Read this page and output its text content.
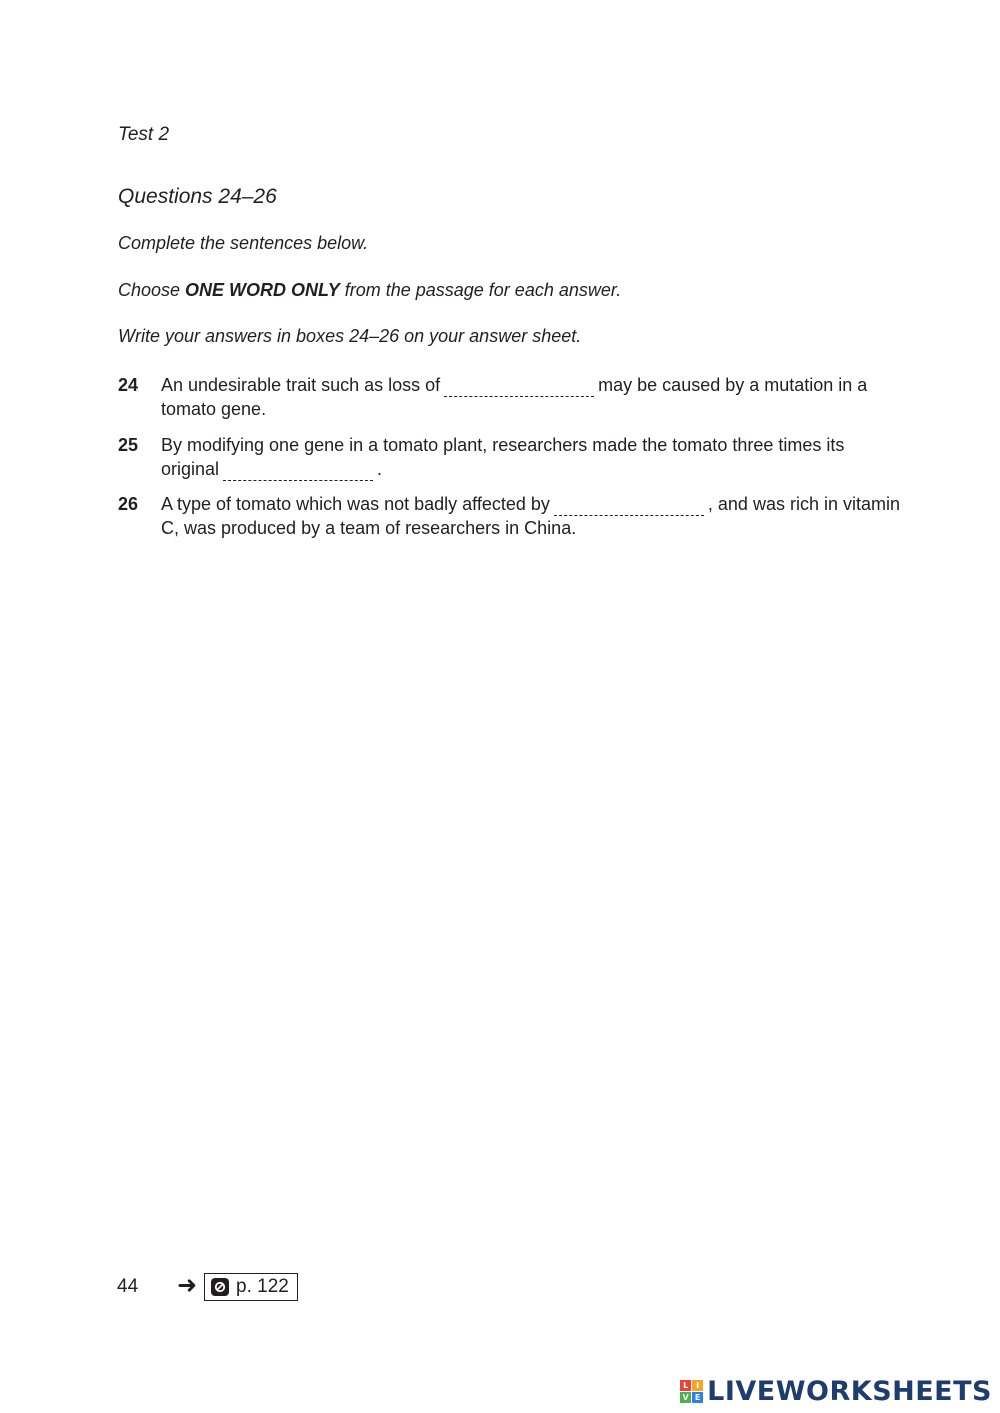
Test 2
Questions 24–26
Complete the sentences below.
Choose ONE WORD ONLY from the passage for each answer.
Write your answers in boxes 24–26 on your answer sheet.
24 An undesirable trait such as loss of	may be caused by a mutation in a tomato gene.
25 By modifying one gene in a tomato plant, researchers made the tomato three times its original	.
26 A type of tomato which was not badly affected by	, and was rich in vitamin C, was produced by a team of researchers in China.
44 ➜ p. 122
L I
V E LIVEWORKSHEETS
